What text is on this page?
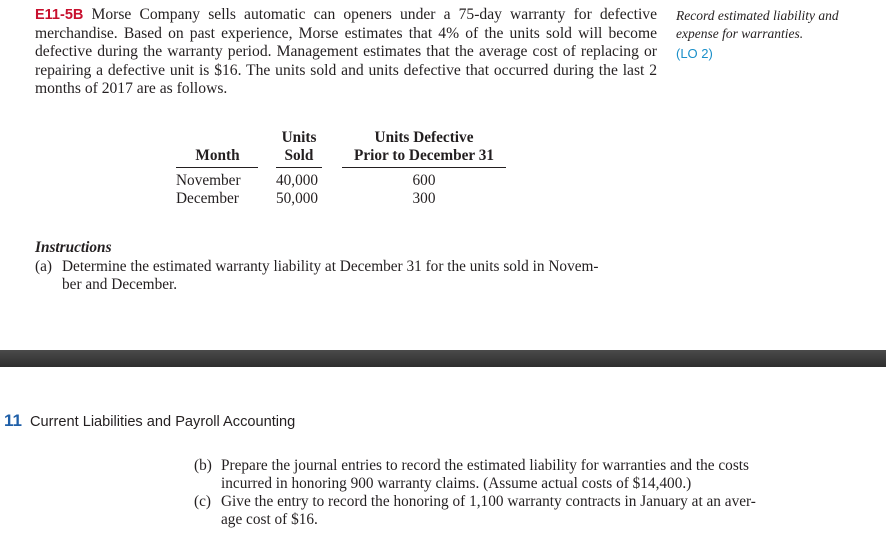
E11-5B Morse Company sells automatic can openers under a 75-day warranty for defective merchandise. Based on past experience, Morse estimates that 4% of the units sold will become defective during the warranty period. Management estimates that the average cost of replacing or repairing a defective unit is $16. The units sold and units defective that occurred during the last 2 months of 2017 are as follows.
Record estimated liability and expense for warranties.
(LO 2)
Month
Units
Sold
Units Defective
Prior to December 31
November 40,000	600
December 50,000	300
Instructions
(a) Determine the estimated warranty liability at December 31 for the units sold in Novem-
ber and December.
11 Current Liabilities and Payroll Accounting
(b) Prepare the journal entries to record the estimated liability for warranties and the costs
incurred in honoring 900 warranty claims. (Assume actual costs of $14,400.)
(c) Give the entry to record the honoring of 1,100 warranty contracts in January at an aver-
age cost of $16.
